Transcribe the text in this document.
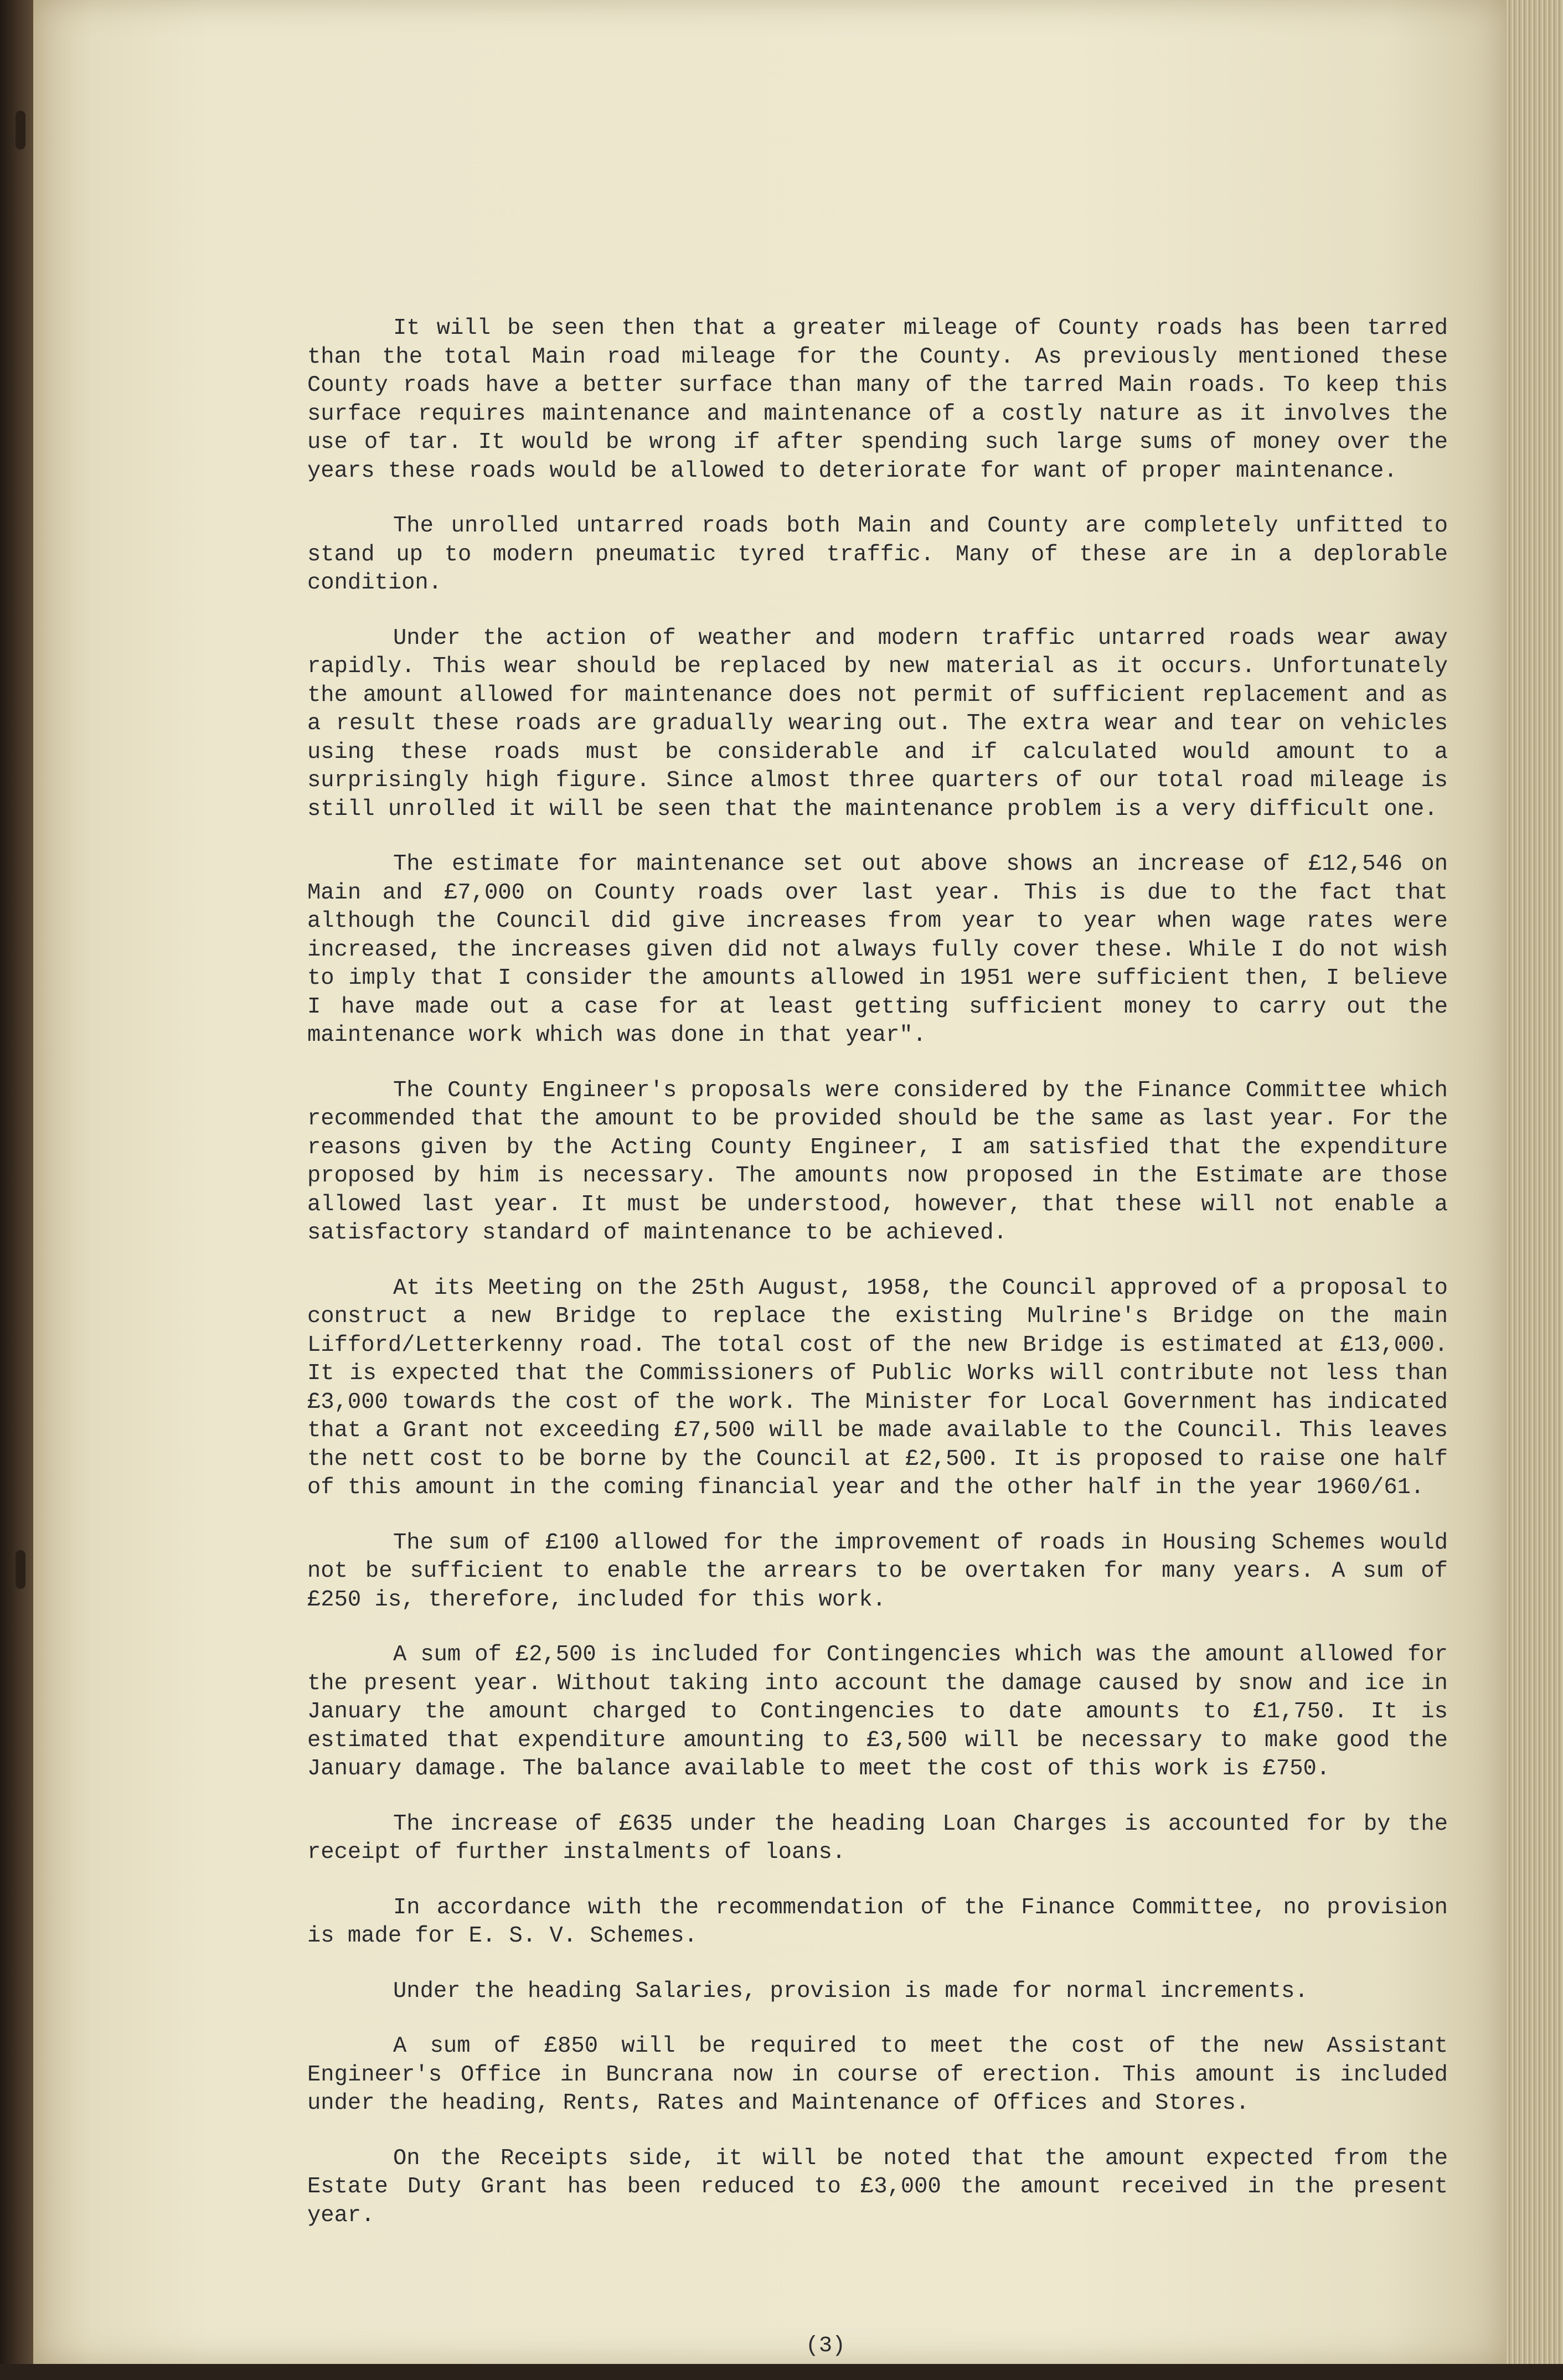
It will be seen then that a greater mileage of County roads has been tarred than the total Main road mileage for the County. As previously mentioned these County roads have a better surface than many of the tarred Main roads. To keep this surface requires maintenance and maintenance of a costly nature as it involves the use of tar. It would be wrong if after spending such large sums of money over the years these roads would be allowed to deteriorate for want of proper maintenance.

The unrolled untarred roads both Main and County are completely unfitted to stand up to modern pneumatic tyred traffic. Many of these are in a deplorable condition.

Under the action of weather and modern traffic untarred roads wear away rapidly. This wear should be replaced by new material as it occurs. Unfortunately the amount allowed for maintenance does not permit of sufficient replacement and as a result these roads are gradually wearing out. The extra wear and tear on vehicles using these roads must be considerable and if calculated would amount to a surprisingly high figure. Since almost three quarters of our total road mileage is still unrolled it will be seen that the maintenance problem is a very difficult one.

The estimate for maintenance set out above shows an increase of £12,546 on Main and £7,000 on County roads over last year. This is due to the fact that although the Council did give increases from year to year when wage rates were increased, the increases given did not always fully cover these. While I do not wish to imply that I consider the amounts allowed in 1951 were sufficient then, I believe I have made out a case for at least getting sufficient money to carry out the maintenance work which was done in that year".

The County Engineer's proposals were considered by the Finance Committee which recommended that the amount to be provided should be the same as last year. For the reasons given by the Acting County Engineer, I am satisfied that the expenditure proposed by him is necessary. The amounts now proposed in the Estimate are those allowed last year. It must be understood, however, that these will not enable a satisfactory standard of maintenance to be achieved.

At its Meeting on the 25th August, 1958, the Council approved of a proposal to construct a new Bridge to replace the existing Mulrine's Bridge on the main Lifford/Letterkenny road. The total cost of the new Bridge is estimated at £13,000. It is expected that the Commissioners of Public Works will contribute not less than £3,000 towards the cost of the work. The Minister for Local Government has indicated that a Grant not exceeding £7,500 will be made available to the Council. This leaves the nett cost to be borne by the Council at £2,500. It is proposed to raise one half of this amount in the coming financial year and the other half in the year 1960/61.

The sum of £100 allowed for the improvement of roads in Housing Schemes would not be sufficient to enable the arrears to be overtaken for many years. A sum of £250 is, therefore, included for this work.

A sum of £2,500 is included for Contingencies which was the amount allowed for the present year. Without taking into account the damage caused by snow and ice in January the amount charged to Contingencies to date amounts to £1,750. It is estimated that expenditure amounting to £3,500 will be necessary to make good the January damage. The balance available to meet the cost of this work is £750.

The increase of £635 under the heading Loan Charges is accounted for by the receipt of further instalments of loans.

In accordance with the recommendation of the Finance Committee, no provision is made for E. S. V. Schemes.

Under the heading Salaries, provision is made for normal increments.

A sum of £850 will be required to meet the cost of the new Assistant Engineer's Office in Buncrana now in course of erection. This amount is included under the heading, Rents, Rates and Maintenance of Offices and Stores.

On the Receipts side, it will be noted that the amount expected from the Estate Duty Grant has been reduced to £3,000 the amount received in the present year.

(3)
